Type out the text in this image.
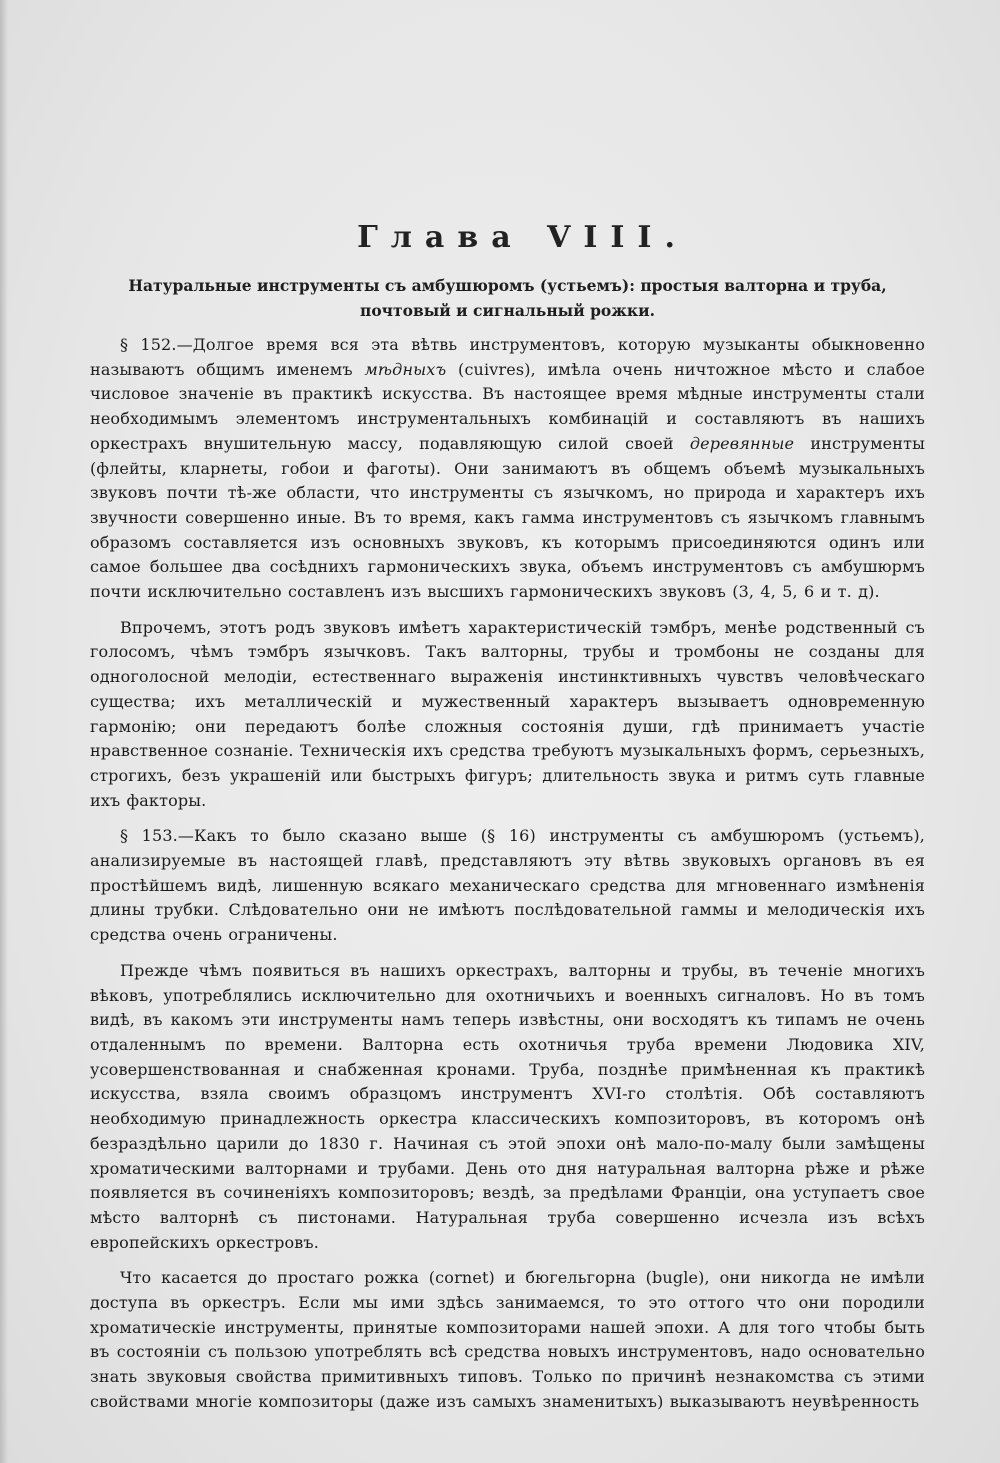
Глава VIII.

Натуральные инструменты съ амбушюромъ (устьемъ): простыя валторна и труба, почтовый и сигнальный рожки.

§ 152.—Долгое время вся эта вѣтвь инструментовъ, которую музыканты обыкновенно называютъ общимъ именемъ мѣдныхъ (cuivres), имѣла очень ничтожное мѣсто и слабое числовое значенiе въ практикѣ искусства. Въ настоящее время мѣдные инструменты стали необходимымъ элементомъ инструментальныхъ комбинацiй и составляютъ въ нашихъ оркестрахъ внушительную массу, подавляющую силой своей деревянные инструменты (флейты, кларнеты, гобои и фаготы). Они занимаютъ въ общемъ объемѣ музыкальныхъ звуковъ почти тѣ-же области, что инструменты съ язычкомъ, но природа и характеръ ихъ звучности совершенно иные. Въ то время, какъ гамма инструментовъ съ язычкомъ главнымъ образомъ составляется изъ основныхъ звуковъ, къ которымъ присоединяются одинъ или самое большее два сосѣднихъ гармоническихъ звука, объемъ инструментовъ съ амбушюрмъ почти исключительно составленъ изъ высшихъ гармоническихъ звуковъ (3, 4, 5, 6 и т. д).

Впрочемъ, этотъ родъ звуковъ имѣетъ характеристическiй тэмбръ, менѣе родственный съ голосомъ, чѣмъ тэмбръ язычковъ. Такъ валторны, трубы и тромбоны не созданы для одноголосной мелодiи, естественнаго выраженiя инстинктивныхъ чувствъ человѣческаго существа; ихъ металлическiй и мужественный характеръ вызываетъ одновременную гармонiю; они передаютъ болѣе сложныя состоянiя души, гдѣ принимаетъ участiе нравственное сознанiе. Техническiя ихъ средства требуютъ музыкальныхъ формъ, серьезныхъ, строгихъ, безъ украшенiй или быстрыхъ фигуръ; длительность звука и ритмъ суть главные ихъ факторы.

§ 153.—Какъ то было сказано выше (§ 16) инструменты съ амбушюромъ (устьемъ), анализируемые въ настоящей главѣ, представляютъ эту вѣтвь звуковыхъ органовъ въ ея простѣйшемъ видѣ, лишенную всякаго механическаго средства для мгновеннаго измѣненiя длины трубки. Слѣдовательно они не имѣютъ послѣдовательной гаммы и мелодическiя ихъ средства очень ограничены.

Прежде чѣмъ появиться въ нашихъ оркестрахъ, валторны и трубы, въ теченiе многихъ вѣковъ, употреблялись исключительно для охотничьихъ и военныхъ сигналовъ. Но въ томъ видѣ, въ какомъ эти инструменты намъ теперь извѣстны, они восходятъ къ типамъ не очень отдаленнымъ по времени. Валторна есть охотничья труба времени Людовика XIV, усовершенствованная и снабженная кронами. Труба, позднѣе примѣненная къ практикѣ искусства, взяла своимъ образцомъ инструментъ XVI-го столѣтiя. Обѣ составляютъ необходимую принадлежность оркестра классическихъ композиторовъ, въ которомъ онѣ безраздѣльно царили до 1830 г. Начиная съ этой эпохи онѣ мало-по-малу были замѣщены хроматическими валторнами и трубами. День ото дня натуральная валторна рѣже и рѣже появляется въ сочиненiяхъ композиторовъ; вездѣ, за предѣлами Францiи, она уступаетъ свое мѣсто валторнѣ съ пистонами. Натуральная труба совершенно исчезла изъ всѣхъ европейскихъ оркестровъ.

Что касается до простаго рожка (cornet) и бюгельгорна (bugle), они никогда не имѣли доступа въ оркестръ. Если мы ими здѣсь занимаемся, то это оттого что они породили хроматическiе инструменты, принятые композиторами нашей эпохи. А для того чтобы быть въ состоянiи съ пользою употреблять всѣ средства новыхъ инструментовъ, надо основательно знать звуковыя свойства примитивныхъ типовъ. Только по причинѣ незнакомства съ этими свойствами многiе композиторы (даже изъ самыхъ знаменитыхъ) выказываютъ неувѣренность
